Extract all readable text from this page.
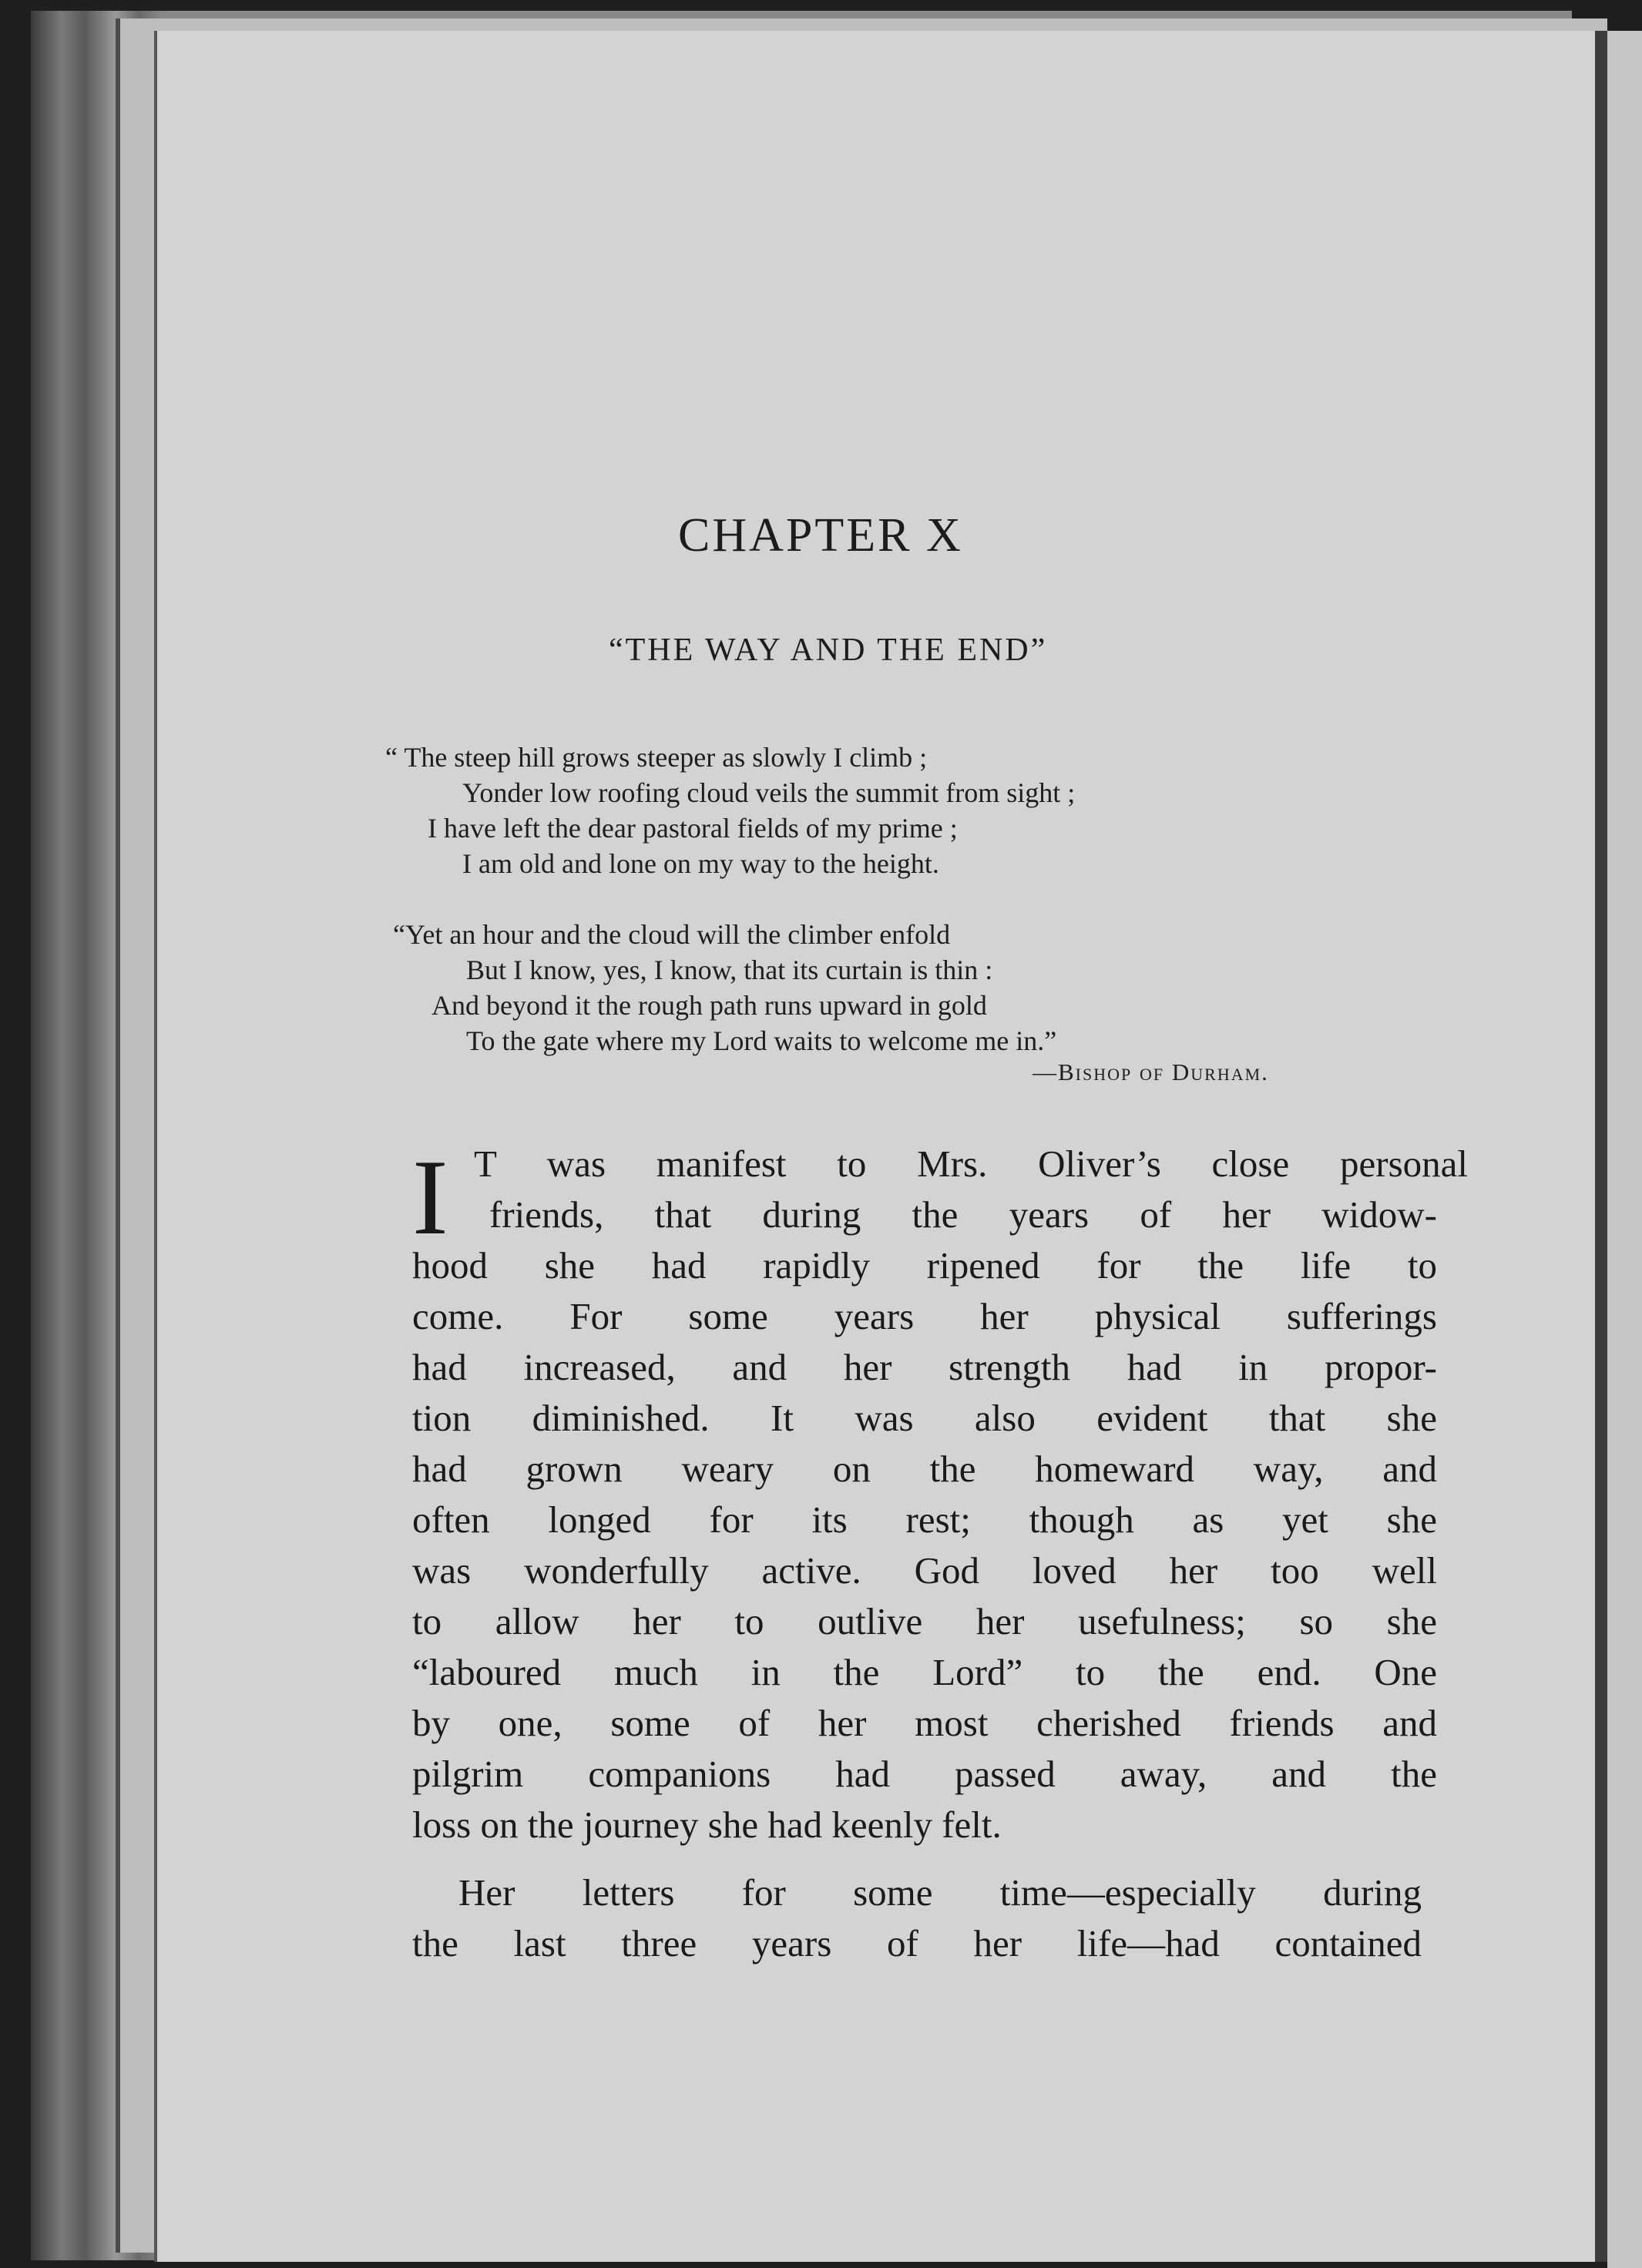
CHAPTER X
“THE WAY AND THE END”
“ The steep hill grows steeper as slowly I climb ;
Yonder low roofing cloud veils the summit from sight ;
I have left the dear pastoral fields of my prime ;
I am old and lone on my way to the height.
“Yet an hour and the cloud will the climber enfold
But I know, yes, I know, that its curtain is thin :
And beyond it the rough path runs upward in gold
To the gate where my Lord waits to welcome me in.”
—Bishop of Durham.
I T was manifest to Mrs. Oliver’s close personal
friends, that during the years of her widow-
hood she had rapidly ripened for the life to
come. For some years her physical sufferings
had increased, and her strength had in propor-
tion diminished. It was also evident that she
had grown weary on the homeward way, and
often longed for its rest; though as yet she
was wonderfully active. God loved her too well
to allow her to outlive her usefulness; so she
“laboured much in the Lord” to the end. One
by one, some of her most cherished friends and
pilgrim companions had passed away, and the
loss on the journey she had keenly felt.
Her letters for some time—especially during
the last three years of her life—had contained
